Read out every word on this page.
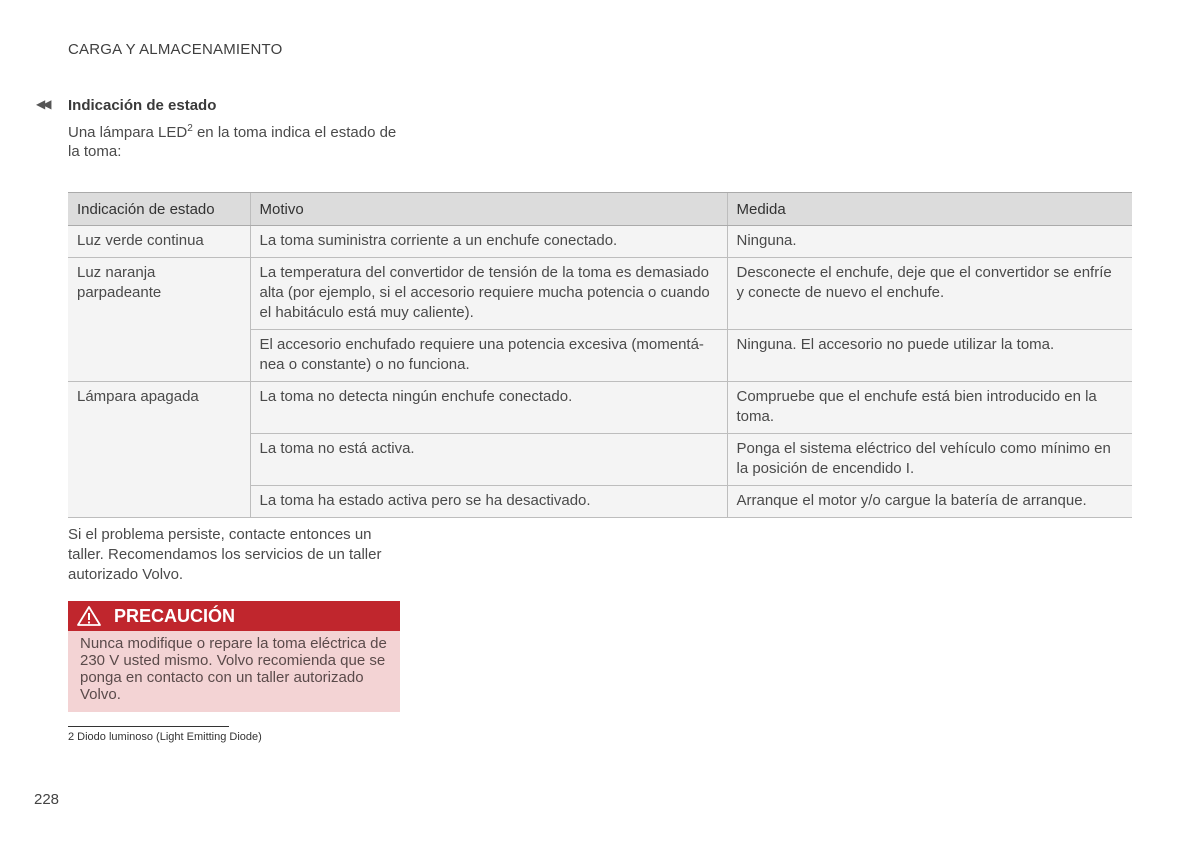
CARGA Y ALMACENAMIENTO
◀◀ Indicación de estado
Una lámpara LED$^2$ en la toma indica el estado de la toma:
Indicación de estado	Motivo	Medida
Luz verde continua	La toma suministra corriente a un enchufe conectado.	Ninguna.
Luz naranja parpadeante	La temperatura del convertidor de tensión de la toma es demasiado alta (por ejemplo, si el accesorio requiere mucha potencia o cuando el habitáculo está muy caliente).	Desconecte el enchufe, deje que el convertidor se enfríe y conecte de nuevo el enchufe.
	El accesorio enchufado requiere una potencia excesiva (momentá-nea o constante) o no funciona.	Ninguna. El accesorio no puede utilizar la toma.
Lámpara apagada	La toma no detecta ningún enchufe conectado.	Compruebe que el enchufe está bien introducido en la toma.
	La toma no está activa.	Ponga el sistema eléctrico del vehículo como mínimo en la posición de encendido I.
	La toma ha estado activa pero se ha desactivado.	Arranque el motor y/o cargue la batería de arranque.
Si el problema persiste, contacte entonces un taller. Recomendamos los servicios de un taller autorizado Volvo.
PRECAUCIÓN
Nunca modifique o repare la toma eléctrica de 230 V usted mismo. Volvo recomienda que se ponga en contacto con un taller autorizado Volvo.
2 Diodo luminoso (Light Emitting Diode)
228
